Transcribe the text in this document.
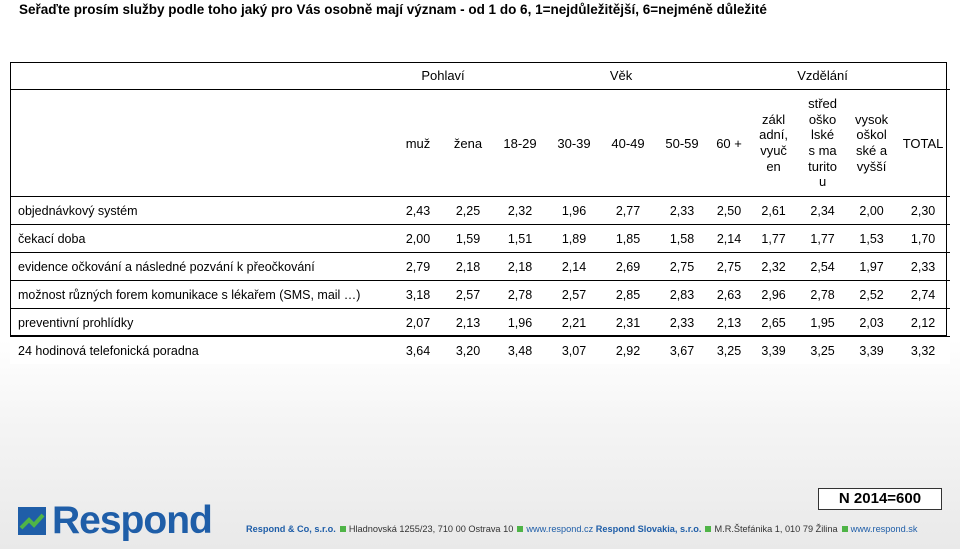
Seřaďte prosím služby podle toho jaký pro Vás osobně mají význam - od 1 do 6, 1=nejdůležitější, 6=nejméně důležité
	Pohlaví		Věk					Vzdělání			
	muž	žena	18-29	30-39	40-49	50-59	60 +	základní, vyučen	středoškolské s maturitou	vysokoškolské a vyšší	TOTAL
objednávkový systém	2,43	2,25	2,32	1,96	2,77	2,33	2,50	2,61	2,34	2,00	2,30
čekací doba	2,00	1,59	1,51	1,89	1,85	1,58	2,14	1,77	1,77	1,53	1,70
evidence očkování a následné pozvání k přeočkování	2,79	2,18	2,18	2,14	2,69	2,75	2,75	2,32	2,54	1,97	2,33
možnost různých forem komunikace s lékařem (SMS, mail …)	3,18	2,57	2,78	2,57	2,85	2,83	2,63	2,96	2,78	2,52	2,74
preventivní prohlídky	2,07	2,13	1,96	2,21	2,31	2,33	2,13	2,65	1,95	2,03	2,12
24 hodinová telefonická poradna	3,64	3,20	3,48	3,07	2,92	3,67	3,25	3,39	3,25	3,39	3,32
N 2014=600
Respond	Respond & Co, s.r.o. Hladnovská 1255/23, 710 00 Ostrava 10 www.respond.cz Respond Slovakia, s.r.o. M.R.Štefánika 1, 010 79 Žilina www.respond.sk
